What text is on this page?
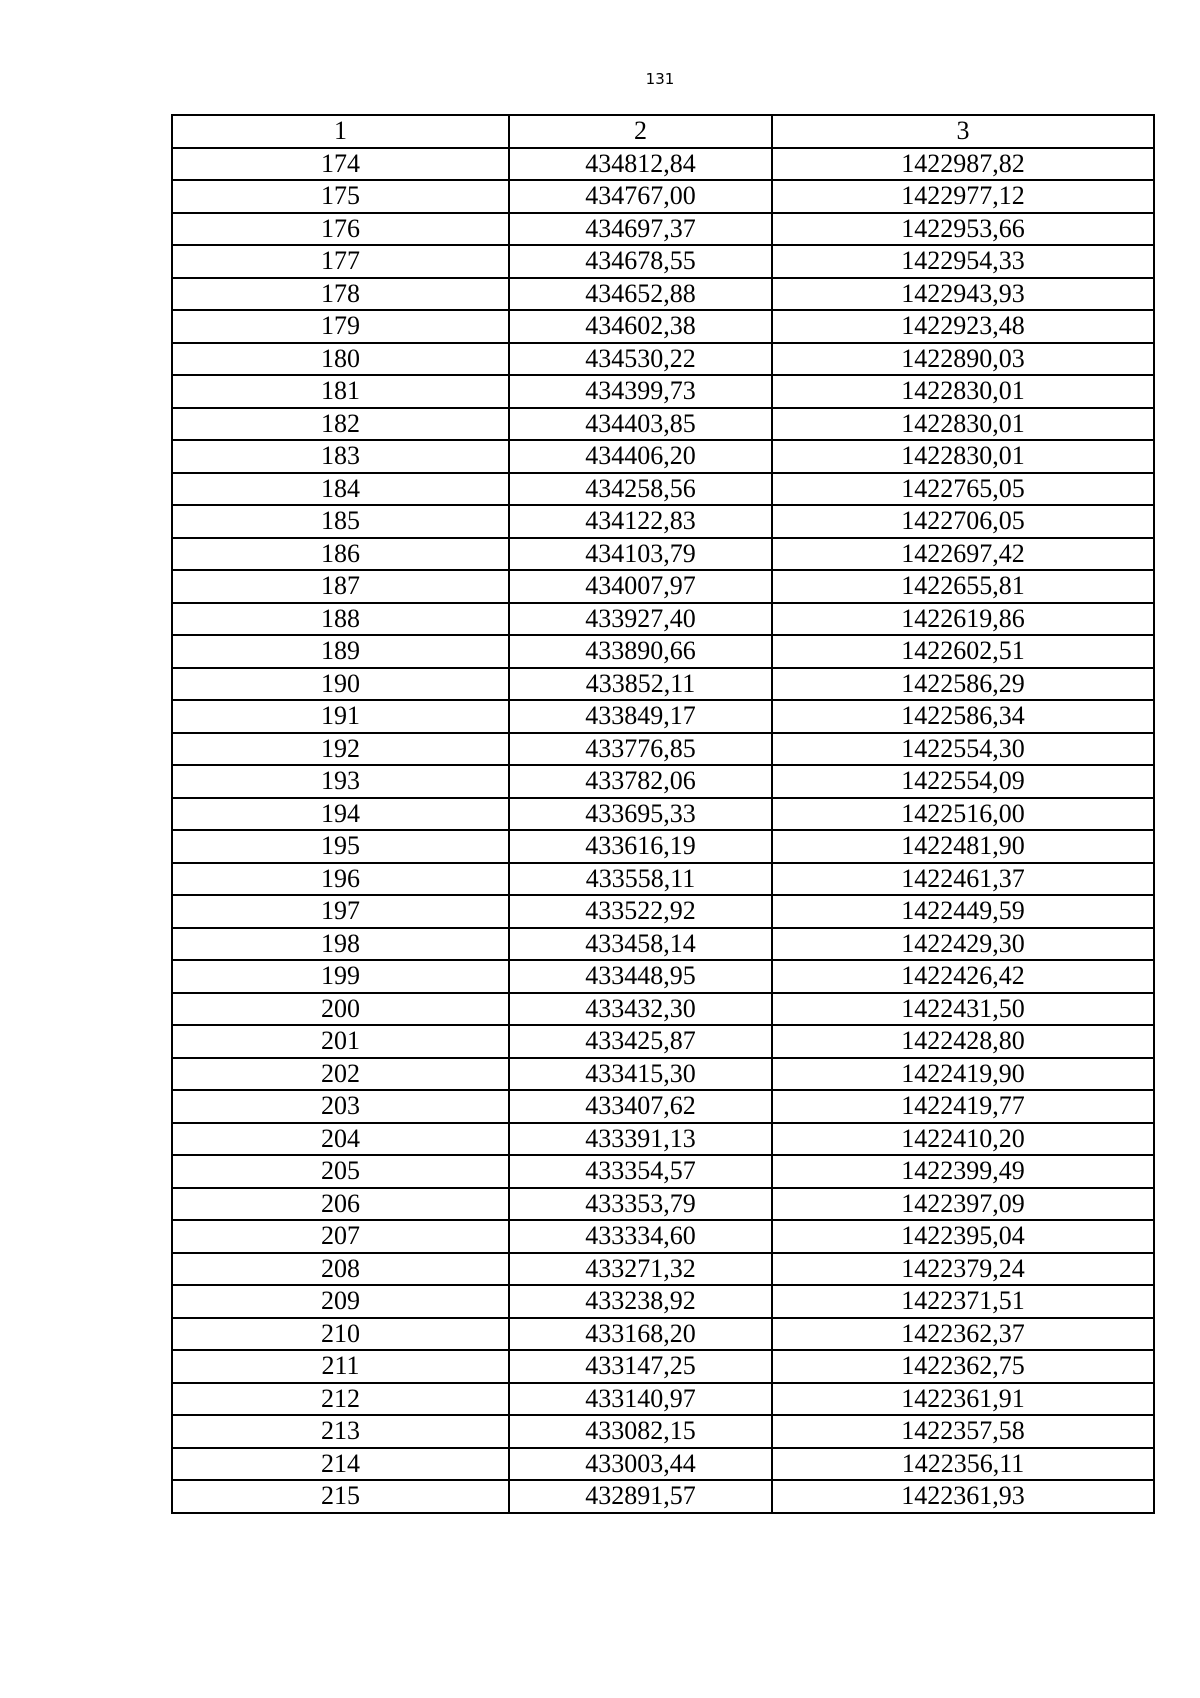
131
1	2	3
174	434812,84	1422987,82
175	434767,00	1422977,12
176	434697,37	1422953,66
177	434678,55	1422954,33
178	434652,88	1422943,93
179	434602,38	1422923,48
180	434530,22	1422890,03
181	434399,73	1422830,01
182	434403,85	1422830,01
183	434406,20	1422830,01
184	434258,56	1422765,05
185	434122,83	1422706,05
186	434103,79	1422697,42
187	434007,97	1422655,81
188	433927,40	1422619,86
189	433890,66	1422602,51
190	433852,11	1422586,29
191	433849,17	1422586,34
192	433776,85	1422554,30
193	433782,06	1422554,09
194	433695,33	1422516,00
195	433616,19	1422481,90
196	433558,11	1422461,37
197	433522,92	1422449,59
198	433458,14	1422429,30
199	433448,95	1422426,42
200	433432,30	1422431,50
201	433425,87	1422428,80
202	433415,30	1422419,90
203	433407,62	1422419,77
204	433391,13	1422410,20
205	433354,57	1422399,49
206	433353,79	1422397,09
207	433334,60	1422395,04
208	433271,32	1422379,24
209	433238,92	1422371,51
210	433168,20	1422362,37
211	433147,25	1422362,75
212	433140,97	1422361,91
213	433082,15	1422357,58
214	433003,44	1422356,11
215	432891,57	1422361,93
